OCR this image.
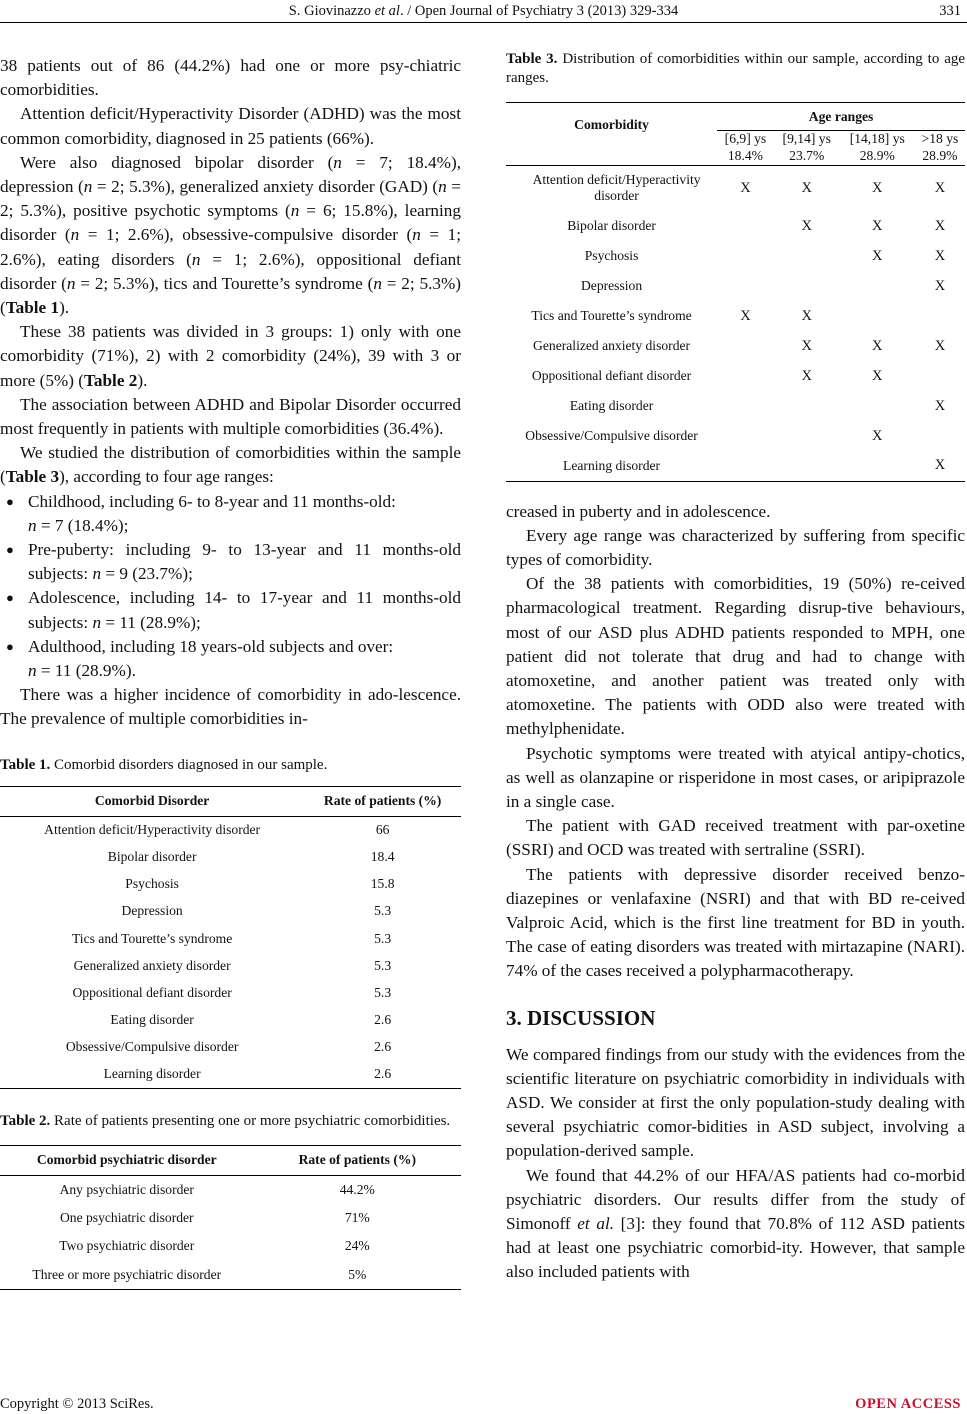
S. Giovinazzo et al. / Open Journal of Psychiatry 3 (2013) 329-334	331

38 patients out of 86 (44.2%) had one or more psy-chiatric comorbidities.

Attention deficit/Hyperactivity Disorder (ADHD) was the most common comorbidity, diagnosed in 25 patients (66%).

Were also diagnosed bipolar disorder (n = 7; 18.4%), depression (n = 2; 5.3%), generalized anxiety disorder (GAD) (n = 2; 5.3%), positive psychotic symptoms (n = 6; 15.8%), learning disorder (n = 1; 2.6%), obsessive-compulsive disorder (n = 1; 2.6%), eating disorders (n = 1; 2.6%), oppositional defiant disorder (n = 2; 5.3%), tics and Tourette’s syndrome (n = 2; 5.3%) (Table 1).

These 38 patients was divided in 3 groups: 1) only with one comorbidity (71%), 2) with 2 comorbidity (24%), 39 with 3 or more (5%) (Table 2).

The association between ADHD and Bipolar Disorder occurred most frequently in patients with multiple comorbidities (36.4%).

We studied the distribution of comorbidities within the sample (Table 3), according to four age ranges:

● Childhood, including 6- to 8-year and 11 months-old:
n = 7 (18.4%);
● Pre-puberty: including 9- to 13-year and 11 months-old subjects: n = 9 (23.7%);
● Adolescence, including 14- to 17-year and 11 months-old subjects: n = 11 (28.9%);
● Adulthood, including 18 years-old subjects and over:
n = 11 (28.9%).

There was a higher incidence of comorbidity in ado-lescence. The prevalence of multiple comorbidities in-

Table 1. Comorbid disorders diagnosed in our sample.
Comorbid Disorder	Rate of patients (%)
Attention deficit/Hyperactivity disorder	66
Bipolar disorder	18.4
Psychosis	15.8
Depression	5.3
Tics and Tourette’s syndrome	5.3
Generalized anxiety disorder	5.3
Oppositional defiant disorder	5.3
Eating disorder	2.6
Obsessive/Compulsive disorder	2.6
Learning disorder	2.6
Table 2. Rate of patients presenting one or more psychiatric comorbidities.
Comorbid psychiatric disorder	Rate of patients (%)
Any psychiatric disorder	44.2%
One psychiatric disorder	71%
Two psychiatric disorder	24%
Three or more psychiatric disorder	5%
Table 3. Distribution of comorbidities within our sample, according to age ranges.
Comorbidity	Age ranges			
	[6,9] ys	[9,14] ys	[14,18] ys	>18 ys
	18.4%	23.7%	28.9%	28.9%
Attention deficit/Hyperactivity disorder	X	X	X	X
Bipolar disorder		X	X	X
Psychosis			X	X
Depression				X
Tics and Tourette’s syndrome	X	X		
Generalized anxiety disorder		X	X	X
Oppositional defiant disorder		X	X	
Eating disorder				X
Obsessive/Compulsive disorder			X	
Learning disorder				X

creased in puberty and in adolescence.

Every age range was characterized by suffering from specific types of comorbidity.

Of the 38 patients with comorbidities, 19 (50%) re-ceived pharmacological treatment. Regarding disrup-tive behaviours, most of our ASD plus ADHD patients responded to MPH, one patient did not tolerate that drug and had to change with atomoxetine, and another patient was treated only with atomoxetine. The patients with ODD also were treated with methylphenidate.

Psychotic symptoms were treated with atyical antipy-chotics, as well as olanzapine or risperidone in most cases, or aripiprazole in a single case.

The patient with GAD received treatment with par-oxetine (SSRI) and OCD was treated with sertraline (SSRI).

The patients with depressive disorder received benzo-diazepines or venlafaxine (NSRI) and that with BD re-ceived Valproic Acid, which is the first line treatment for BD in youth. The case of eating disorders was treated with mirtazapine (NARI). 74% of the cases received a polypharmacotherapy.

3. DISCUSSION

We compared findings from our study with the evidences from the scientific literature on psychiatric comorbidity in individuals with ASD. We consider at first the only population-study dealing with several psychiatric comor-bidities in ASD subject, involving a population-derived sample.

We found that 44.2% of our HFA/AS patients had co-morbid psychiatric disorders. Our results differ from the study of Simonoff et al. [3]: they found that 70.8% of 112 ASD patients had at least one psychiatric comorbid-ity. However, that sample also included patients with

Copyright © 2013 SciRes.	OPEN ACCESS
